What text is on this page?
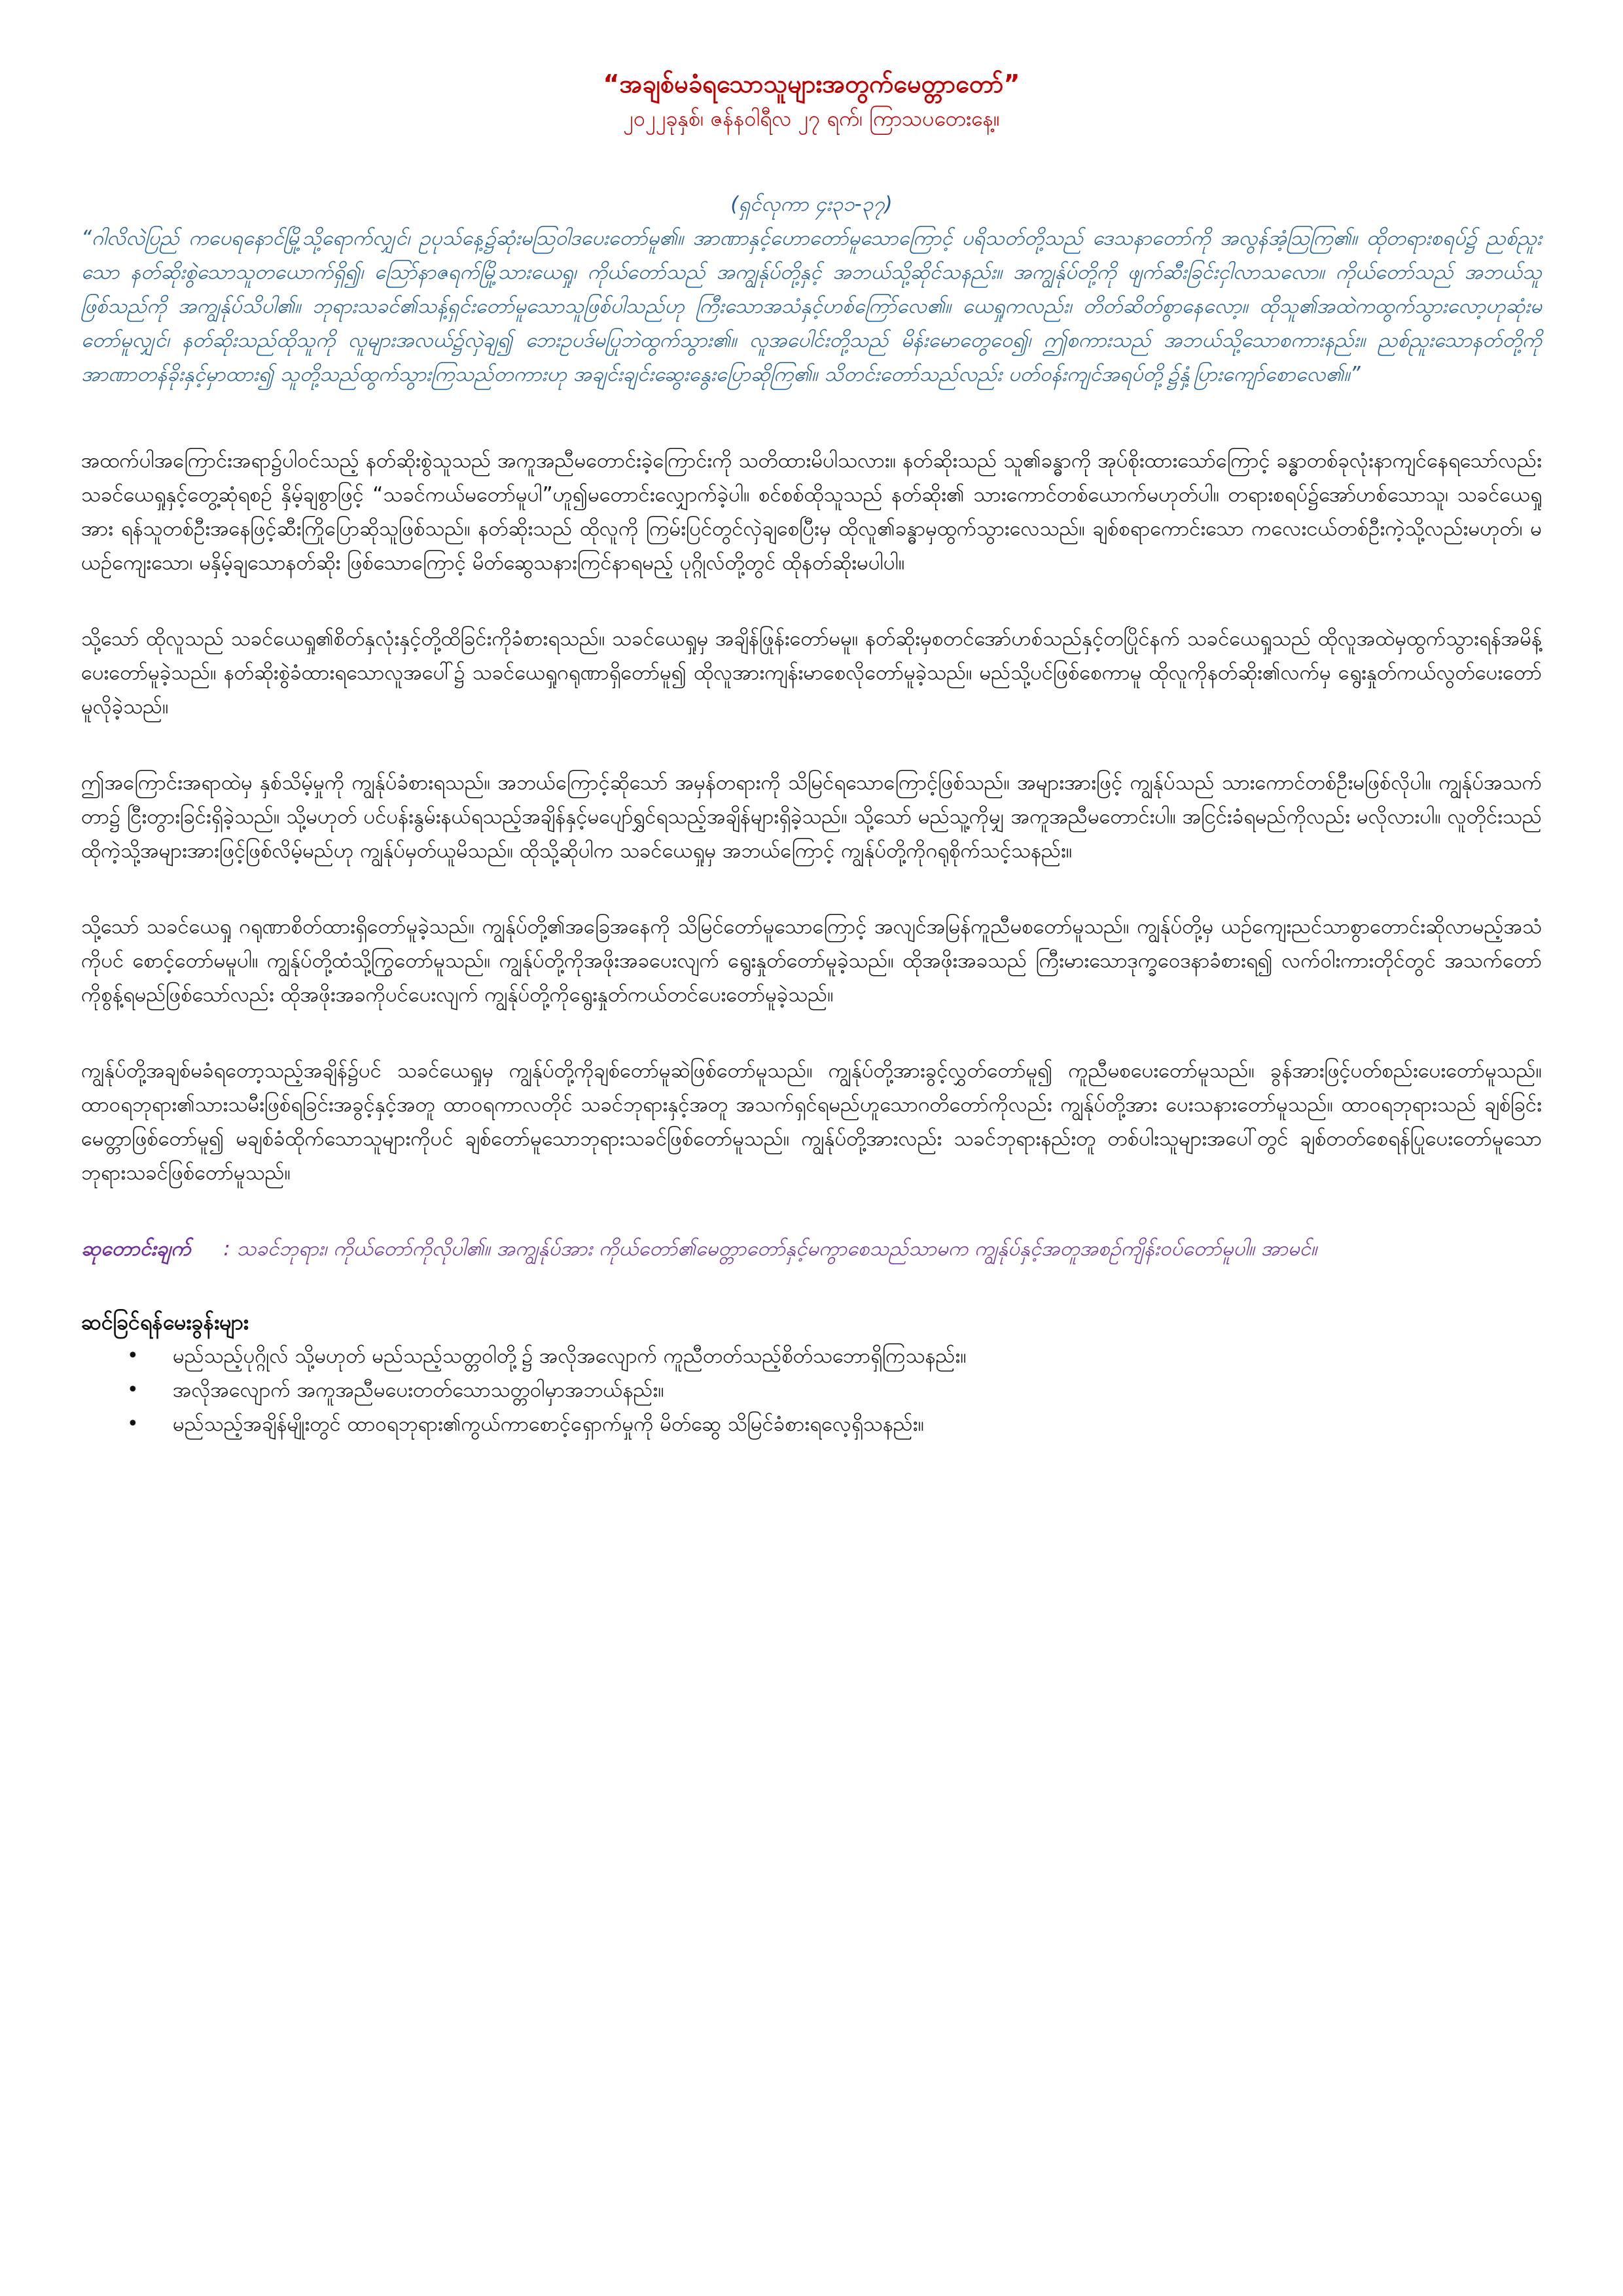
“အချစ်မခံရသောသူများအတွက်မေတ္တာတော်”

၂၀၂၂ခုနှစ်၊ ဇန်နဝါရီလ ၂၇ ရက်၊ ကြာသပတေးနေ့။

(ရှင်လုကာ ၄း၃၁-၃၇)

“ဂါလိလဲပြည် ကပေရနောင်မြို့သို့ရောက်လျှင်၊ ဥပုသ်နေ့၌ဆုံးမသြဝါဒပေးတော်မူ၏။ အာဏာနှင့်ဟောတော်မူသောကြောင့် ပရိသတ်တို့သည် ဒေသနာတော်ကို အလွန်အံ့ဩကြ၏။ ထိုတရားစရပ်၌ ညစ်ညူးသော နတ်ဆိုးစွဲသောသူတယောက်ရှိ၍၊ ဩော်နာဇရက်မြို့သားယေရှု၊ ကိုယ်တော်သည် အကျွန်ုပ်တို့နှင့် အဘယ်သို့ဆိုင်သနည်း။ အကျွန်ုပ်တို့ကို ဖျက်ဆီးခြင်းငှါလာသလော။ ကိုယ်တော်သည် အဘယ်သူဖြစ်သည်ကို အကျွန်ုပ်သိပါ၏။ ဘုရားသခင်၏သန့်ရှင်းတော်မူသောသူဖြစ်ပါသည်ဟု ကြီးသောအသံနှင့်ဟစ်ကြော်လေ၏။ ယေရှုကလည်း၊ တိတ်ဆိတ်စွာနေလော့။ ထိုသူ၏အထဲကထွက်သွားလော့ဟုဆုံးမတော်မူလျှင်၊ နတ်ဆိုးသည်ထိုသူကို လူများအလယ်၌လှဲချ၍ ဘေးဥပဒ်မပြုဘဲထွက်သွား၏။ လူအပေါင်းတို့သည် မိန်းမောတွေဝေ၍၊ ဤစကားသည် အဘယ်သို့သောစကားနည်း။ ညစ်ညူးသောနတ်တို့ကို အာဏာတန်ခိုးနှင့်မှာထား၍ သူတို့သည်ထွက်သွားကြသည်တကားဟု အချင်းချင်းဆွေးနွေးပြောဆိုကြ၏။ သိတင်းတော်သည်လည်း ပတ်ဝန်းကျင်အရပ်တို့၌နှံ့ပြားကျော်စောလေ၏။”

အထက်ပါအကြောင်းအရာ၌ပါဝင်သည့် နတ်ဆိုးစွဲသူသည် အကူအညီမတောင်းခဲ့ကြောင်းကို သတိထားမိပါသလား။ နတ်ဆိုးသည် သူ၏ခန္ဓာကို အုပ်စိုးထားသော်ကြောင့် ခန္ဓာတစ်ခုလုံးနာကျင်နေရသော်လည်း သခင်ယေရှုနှင့်တွေ့ဆုံရစဉ် နှိမ့်ချစွာဖြင့် “သခင်ကယ်မတော်မူပါ”ဟူ၍မတောင်းလျှောက်ခဲ့ပါ။ စင်စစ်ထိုသူသည် နတ်ဆိုး၏ သားကောင်တစ်ယောက်မဟုတ်ပါ။ တရားစရပ်၌အော်ဟစ်သောသူ၊ သခင်ယေရှုအား ရန်သူတစ်ဦးအနေဖြင့်ဆီးကြိုပြောဆိုသူဖြစ်သည်။ နတ်ဆိုးသည် ထိုလူကို ကြမ်းပြင်တွင်လှဲချစေပြီးမှ ထိုလူ၏ခန္ဓာမှထွက်သွားလေသည်။ ချစ်စရာကောင်းသော ကလေးငယ်တစ်ဦးကဲ့သို့လည်းမဟုတ်၊ မယဉ်ကျေးသော၊ မနှိမ့်ချသောနတ်ဆိုး ဖြစ်သောကြောင့် မိတ်ဆွေသနားကြင်နာရမည့် ပုဂ္ဂိုလ်တို့တွင် ထိုနတ်ဆိုးမပါပါ။

သို့သော် ထိုလူသည် သခင်ယေရှု၏စိတ်နှလုံးနှင့်တို့ထိခြင်းကိုခံစားရသည်။ သခင်ယေရှုမှ အချိန်ဖြုန်းတော်မမူ။ နတ်ဆိုးမှစတင်အော်ဟစ်သည်နှင့်တပြိုင်နက် သခင်ယေရှုသည် ထိုလူအထဲမှထွက်သွားရန်အမိန့်ပေးတော်မူခဲ့သည်။ နတ်ဆိုးစွဲခံထားရသောလူအပေါ်၌ သခင်ယေရှုဂရုဏာရှိတော်မူ၍ ထိုလူအားကျန်းမာစေလိုတော်မူခဲ့သည်။ မည်သို့ပင်ဖြစ်စေကာမူ ထိုလူကိုနတ်ဆိုး၏လက်မှ ရွေးနှုတ်ကယ်လွတ်ပေးတော်မူလိုခဲ့သည်။

ဤအကြောင်းအရာထဲမှ နှစ်သိမ့်မှုကို ကျွန်ုပ်ခံစားရသည်။ အဘယ်ကြောင့်ဆိုသော် အမှန်တရားကို သိမြင်ရသောကြောင့်ဖြစ်သည်။ အများအားဖြင့် ကျွန်ုပ်သည် သားကောင်တစ်ဦးမဖြစ်လိုပါ။ ကျွန်ုပ်အသက်တာ၌ ငြီးတွားခြင်းရှိခဲ့သည်။ သို့မဟုတ် ပင်ပန်းနွမ်းနယ်ရသည့်အချိန်နှင့်မပျော်ရွှင်ရသည့်အချိန်များရှိခဲ့သည်။ သို့သော် မည်သူ့ကိုမျှ အကူအညီမတောင်းပါ။ အငြင်းခံရမည်ကိုလည်း မလိုလားပါ။ လူတိုင်းသည် ထိုကဲ့သို့အများအားဖြင့်ဖြစ်လိမ့်မည်ဟု ကျွန်ုပ်မှတ်ယူမိသည်။ ထိုသို့ဆိုပါက သခင်ယေရှုမှ အဘယ်ကြောင့် ကျွန်ုပ်တို့ကိုဂရုစိုက်သင့်သနည်း။

သို့သော် သခင်ယေရှု ဂရုဏာစိတ်ထားရှိတော်မူခဲ့သည်။ ကျွန်ုပ်တို့၏အခြေအနေကို သိမြင်တော်မူသောကြောင့် အလျင်အမြန်ကူညီမစတော်မူသည်။ ကျွန်ုပ်တို့မှ ယဉ်ကျေးညင်သာစွာတောင်းဆိုလာမည့်အသံကိုပင် စောင့်တော်မမူပါ။ ကျွန်ုပ်တို့ထံသို့ကြွတော်မူသည်။ ကျွန်ုပ်တို့ကိုအဖိုးအခပေးလျက် ရွေးနှုတ်တော်မူခဲ့သည်။ ထိုအဖိုးအခသည် ကြီးမားသောဒုက္ခဝေဒနာခံစားရ၍ လက်ဝါးကားတိုင်တွင် အသက်တော်ကိုစွန့်ရမည်ဖြစ်သော်လည်း ထိုအဖိုးအခကိုပင်ပေးလျက် ကျွန်ုပ်တို့ကိုရွေးနှုတ်ကယ်တင်ပေးတော်မူခဲ့သည်။

ကျွန်ုပ်တို့အချစ်မခံရတော့သည့်အချိန်၌ပင် သခင်ယေရှုမှ ကျွန်ုပ်တို့ကိုချစ်တော်မူဆဲဖြစ်တော်မူသည်။ ကျွန်ုပ်တို့အားခွင့်လွှတ်တော်မူ၍ ကူညီမစပေးတော်မူသည်။ ခွန်အားဖြင့်ပတ်စည်းပေးတော်မူသည်။ ထာဝရဘုရား၏သားသမီးဖြစ်ရခြင်းအခွင့်နှင့်အတူ ထာဝရကာလတိုင် သခင်ဘုရားနှင့်အတူ အသက်ရှင်ရမည်ဟူသောဂတိတော်ကိုလည်း ကျွန်ုပ်တို့အား ပေးသနားတော်မူသည်။ ထာဝရဘုရားသည် ချစ်ခြင်းမေတ္တာဖြစ်တော်မူ၍ မချစ်ခံထိုက်သောသူများကိုပင် ချစ်တော်မူသောဘုရားသခင်ဖြစ်တော်မူသည်။ ကျွန်ုပ်တို့အားလည်း သခင်ဘုရားနည်းတူ တစ်ပါးသူများအပေါ်တွင် ချစ်တတ်စေရန်ပြုပေးတော်မူသောဘုရားသခင်ဖြစ်တော်မူသည်။

ဆုတောင်းချက် : သခင်ဘုရား၊ ကိုယ်တော်ကိုလိုပါ၏။ အကျွန်ုပ်အား ကိုယ်တော်၏မေတ္တာတော်နှင့်မကွာစေသည်သာမက ကျွန်ုပ်နှင့်အတူအစဉ်ကျိန်းဝပ်တော်မူပါ။ အာမင်။

ဆင်ခြင်ရန်မေးခွန်းများ

• မည်သည့်ပုဂ္ဂိုလ် သို့မဟုတ် မည်သည့်သတ္တဝါတို့၌ အလိုအလျောက် ကူညီတတ်သည့်စိတ်သဘောရှိကြသနည်း။
• အလိုအလျောက် အကူအညီမပေးတတ်သောသတ္တဝါမှာအဘယ်နည်း။
• မည်သည့်အချိန်မျိုးတွင် ထာဝရဘုရား၏ကွယ်ကာစောင့်ရှောက်မှုကို မိတ်ဆွေ သိမြင်ခံစားရလေ့ရှိသနည်း။
